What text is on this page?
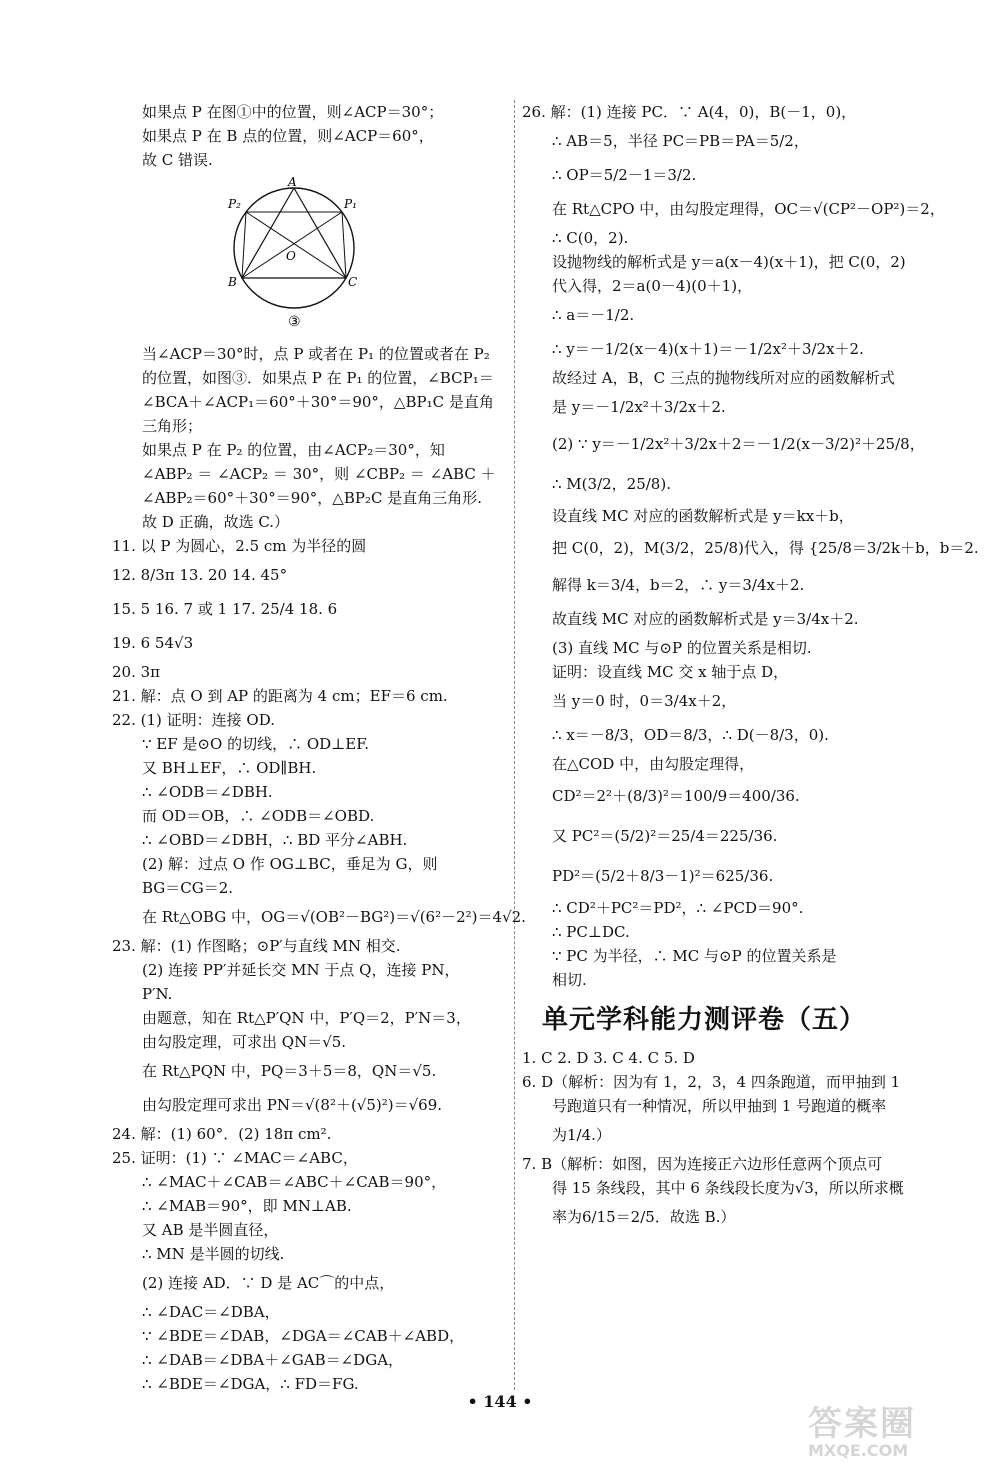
如果点 P 在图①中的位置，则∠ACP＝30°；
如果点 P 在 B 点的位置，则∠ACP＝60°，
故 C 错误.
A
B	C
P₁
P₂
O
③
当∠ACP＝30°时，点 P 或者在 P₁ 的位置或者在 P₂
的位置，如图③．如果点 P 在 P₁ 的位置，∠BCP₁＝
∠BCA＋∠ACP₁＝60°＋30°＝90°，△BP₁C 是直角
三角形；
如果点 P 在 P₂ 的位置，由∠ACP₂＝30°，知
∠ABP₂ ＝ ∠ACP₂ ＝ 30°，则 ∠CBP₂ ＝ ∠ABC ＋
∠ABP₂＝60°＋30°＝90°，△BP₂C 是直角三角形.
故 D 正确，故选 C.）
11. 以 P 为圆心，2.5 cm 为半径的圆
12. 8/3π 13. 20 14. 45°
15. 5 16. 7 或 1 17. 25/4 18. 6
19. 6 54√3
20. 3π
21. 解：点 O 到 AP 的距离为 4 cm；EF＝6 cm.
22. (1) 证明：连接 OD.
∵ EF 是⊙O 的切线，∴ OD⊥EF.
又 BH⊥EF，∴ OD∥BH.
∴ ∠ODB＝∠DBH.
而 OD＝OB，∴ ∠ODB＝∠OBD.
∴ ∠OBD＝∠DBH，∴ BD 平分∠ABH.
(2) 解：过点 O 作 OG⊥BC，垂足为 G，则
BG＝CG＝2.
在 Rt△OBG 中，OG＝√(OB²－BG²)＝√(6²－2²)＝4√2.
23. 解：(1) 作图略；⊙P′与直线 MN 相交.
(2) 连接 PP′并延长交 MN 于点 Q，连接 PN，
P′N.
由题意，知在 Rt△P′QN 中，P′Q＝2，P′N＝3，
由勾股定理，可求出 QN＝√5.
在 Rt△PQN 中，PQ＝3＋5＝8，QN＝√5.
由勾股定理可求出 PN＝√(8²＋(√5)²)＝√69.
24. 解：(1) 60°．(2) 18π cm².
25. 证明：(1) ∵ ∠MAC＝∠ABC，
∴ ∠MAC＋∠CAB＝∠ABC＋∠CAB＝90°，
∴ ∠MAB＝90°，即 MN⊥AB.
又 AB 是半圆直径，
∴ MN 是半圆的切线.
(2) 连接 AD．∵ D 是 AC⌒的中点，
∴ ∠DAC＝∠DBA，
∵ ∠BDE＝∠DAB，∠DGA＝∠CAB＋∠ABD，
∴ ∠DAB＝∠DBA＋∠GAB＝∠DGA，
∴ ∠BDE＝∠DGA，∴ FD＝FG.
26. 解：(1) 连接 PC．∵ A(4，0)，B(－1，0)，
∴ AB＝5，半径 PC＝PB＝PA＝5/2，
∴ OP＝5/2－1＝3/2.
在 Rt△CPO 中，由勾股定理得，OC＝√(CP²－OP²)＝2，
∴ C(0，2).
设抛物线的解析式是 y＝a(x－4)(x＋1)，把 C(0，2)
代入得，2＝a(0－4)(0＋1)，
∴ a＝－1/2.
∴ y＝－1/2(x－4)(x＋1)＝－1/2x²＋3/2x＋2.
故经过 A，B，C 三点的抛物线所对应的函数解析式
是 y＝－1/2x²＋3/2x＋2.
(2) ∵ y＝－1/2x²＋3/2x＋2＝－1/2(x－3/2)²＋25/8，
∴ M(3/2，25/8).
设直线 MC 对应的函数解析式是 y＝kx＋b，
把 C(0，2)，M(3/2，25/8)代入，得 {25/8＝3/2k＋b，b＝2.
解得 k＝3/4，b＝2，∴ y＝3/4x＋2.
故直线 MC 对应的函数解析式是 y＝3/4x＋2.
(3) 直线 MC 与⊙P 的位置关系是相切.
证明：设直线 MC 交 x 轴于点 D，
当 y＝0 时，0＝3/4x＋2，
∴ x＝－8/3，OD＝8/3，∴ D(－8/3，0).
在△COD 中，由勾股定理得，
CD²＝2²＋(8/3)²＝100/9＝400/36.
又 PC²＝(5/2)²＝25/4＝225/36.
PD²＝(5/2＋8/3－1)²＝625/36.
∴ CD²＋PC²＝PD²，∴ ∠PCD＝90°.
∴ PC⊥DC.
∵ PC 为半径，∴ MC 与⊙P 的位置关系是
相切.
单元学科能力测评卷（五）
1. C 2. D 3. C 4. C 5. D
6. D（解析：因为有 1，2，3，4 四条跑道，而甲抽到 1
号跑道只有一种情况，所以甲抽到 1 号跑道的概率
为1/4.）
7. B（解析：如图，因为连接正六边形任意两个顶点可
得 15 条线段，其中 6 条线段长度为√3，所以所求概
率为6/15＝2/5．故选 B.）
• 144 •
答案圈
MXQE.COM
